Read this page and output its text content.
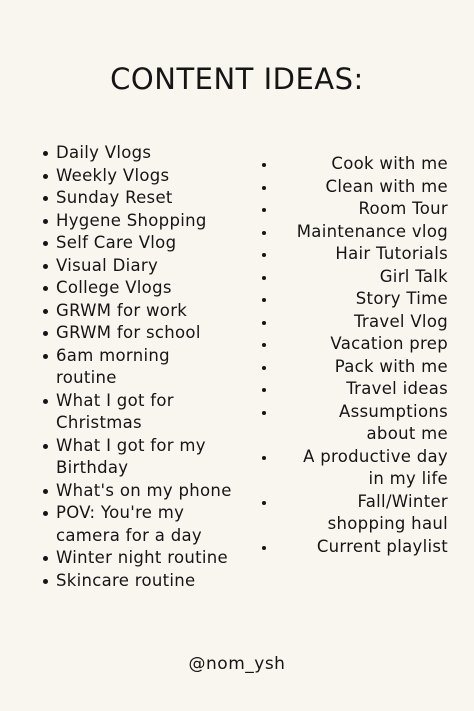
CONTENT IDEAS:
Daily Vlogs
Weekly Vlogs
Sunday Reset
Hygene Shopping
Self Care Vlog
Visual Diary
College Vlogs
GRWM for work
GRWM for school
6am morning routine
What I got for Christmas
What I got for my Birthday
What's on my phone
POV: You're my camera for a day
Winter night routine
Skincare routine
Cook with me
Clean with me
Room Tour
Maintenance vlog
Hair Tutorials
Girl Talk
Story Time
Travel Vlog
Vacation prep
Pack with me
Travel ideas
Assumptions about me
A productive day in my life
Fall/Winter shopping haul
Current playlist
@nom_ysh
